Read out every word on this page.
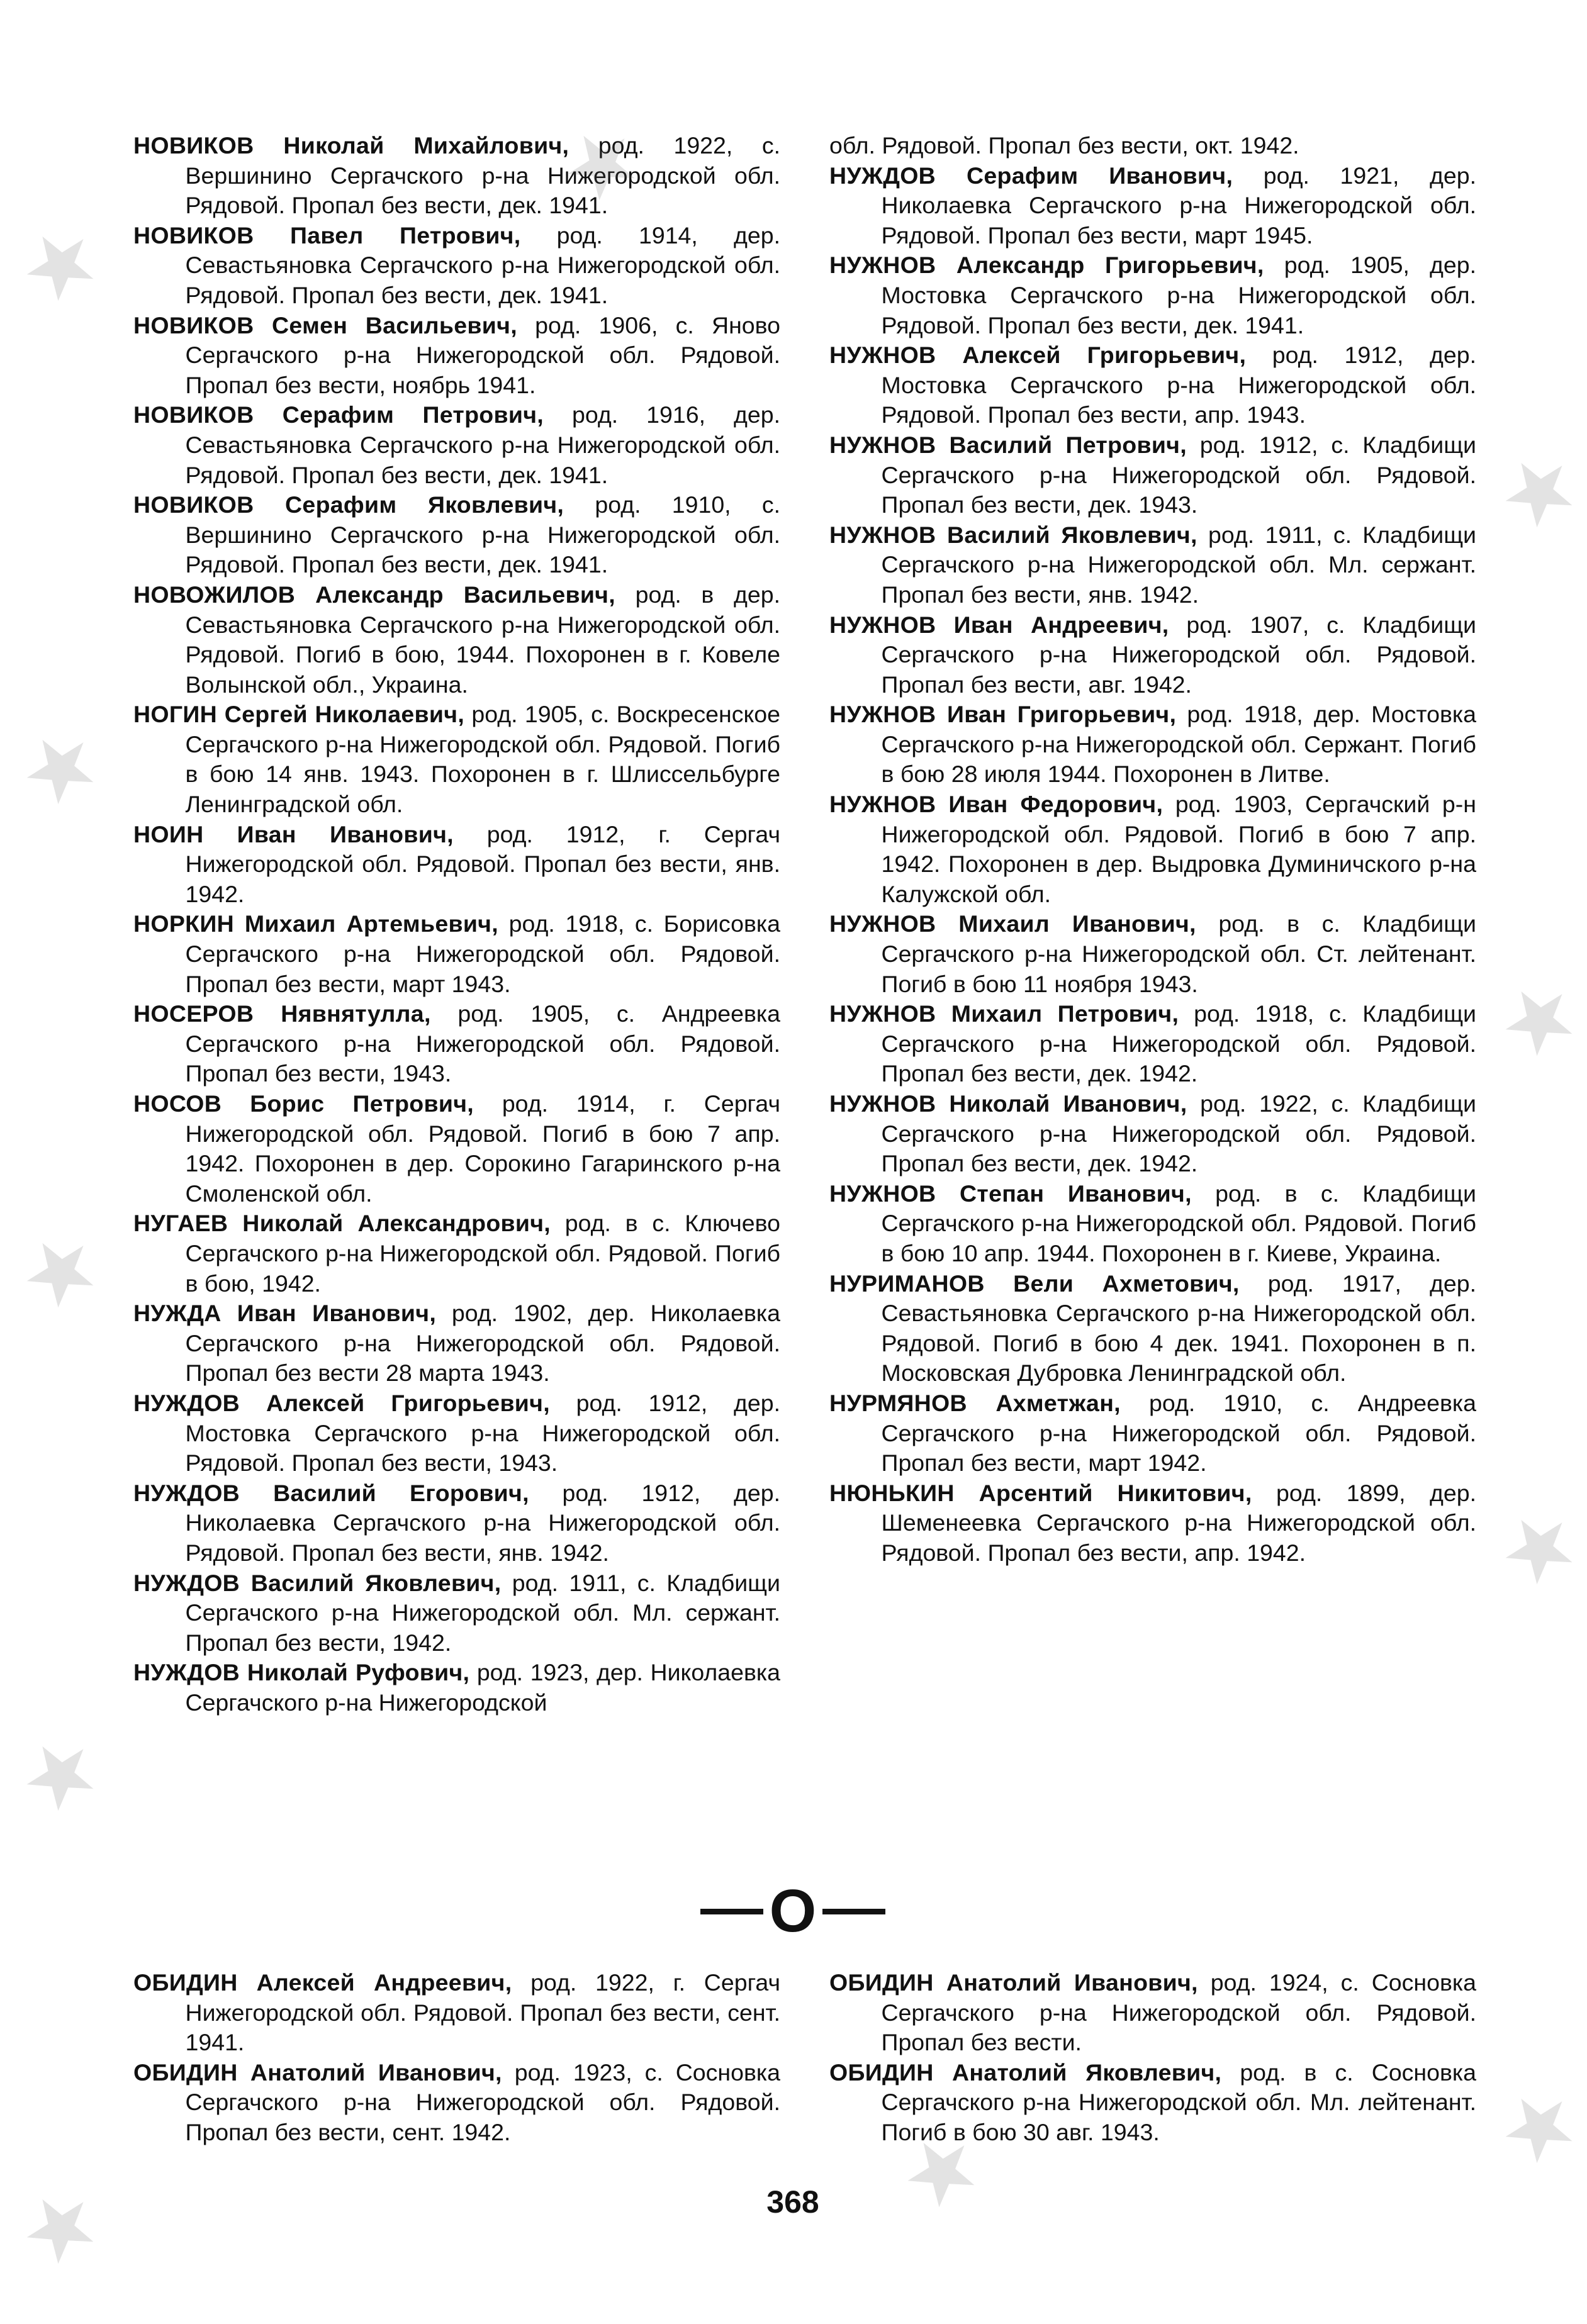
НОВИКОВ Николай Михайлович, род. 1922, с. Вершинино Сергачского р-на Нижегородской обл. Рядовой. Пропал без вести, дек. 1941.

НОВИКОВ Павел Петрович, род. 1914, дер. Севастьяновка Сергачского р-на Нижегородской обл. Рядовой. Пропал без вести, дек. 1941.

НОВИКОВ Семен Васильевич, род. 1906, с. Яново Сергачского р-на Нижегородской обл. Рядовой. Пропал без вести, ноябрь 1941.

НОВИКОВ Серафим Петрович, род. 1916, дер. Севастьяновка Сергачского р-на Нижегородской обл. Рядовой. Пропал без вести, дек. 1941.

НОВИКОВ Серафим Яковлевич, род. 1910, с. Вершинино Сергачского р-на Нижегородской обл. Рядовой. Пропал без вести, дек. 1941.

НОВОЖИЛОВ Александр Васильевич, род. в дер. Севастьяновка Сергачского р-на Нижегородской обл. Рядовой. Погиб в бою, 1944. Похоронен в г. Ковеле Волынской обл., Украина.

НОГИН Сергей Николаевич, род. 1905, с. Воскресенское Сергачского р-на Нижегородской обл. Рядовой. Погиб в бою 14 янв. 1943. Похоронен в г. Шлиссельбурге Ленинградской обл.

НОИН Иван Иванович, род. 1912, г. Сергач Нижегородской обл. Рядовой. Пропал без вести, янв. 1942.

НОРКИН Михаил Артемьевич, род. 1918, с. Борисовка Сергачского р-на Нижегородской обл. Рядовой. Пропал без вести, март 1943.

НОСЕРОВ Нявнятулла, род. 1905, с. Андреевка Сергачского р-на Нижегородской обл. Рядовой. Пропал без вести, 1943.

НОСОВ Борис Петрович, род. 1914, г. Сергач Нижегородской обл. Рядовой. Погиб в бою 7 апр. 1942. Похоронен в дер. Сорокино Гагаринского р-на Смоленской обл.

НУГАЕВ Николай Александрович, род. в с. Ключево Сергачского р-на Нижегородской обл. Рядовой. Погиб в бою, 1942.

НУЖДА Иван Иванович, род. 1902, дер. Николаевка Сергачского р-на Нижегородской обл. Рядовой. Пропал без вести 28 марта 1943.

НУЖДОВ Алексей Григорьевич, род. 1912, дер. Мостовка Сергачского р-на Нижегородской обл. Рядовой. Пропал без вести, 1943.

НУЖДОВ Василий Егорович, род. 1912, дер. Николаевка Сергачского р-на Нижегородской обл. Рядовой. Пропал без вести, янв. 1942.

НУЖДОВ Василий Яковлевич, род. 1911, с. Кладбищи Сергачского р-на Нижегородской обл. Мл. сержант. Пропал без вести, 1942.

НУЖДОВ Николай Руфович, род. 1923, дер. Николаевка Сергачского р-на Нижегородской

обл. Рядовой. Пропал без вести, окт. 1942.

НУЖДОВ Серафим Иванович, род. 1921, дер. Николаевка Сергачского р-на Нижегородской обл. Рядовой. Пропал без вести, март 1945.

НУЖНОВ Александр Григорьевич, род. 1905, дер. Мостовка Сергачского р-на Нижегородской обл. Рядовой. Пропал без вести, дек. 1941.

НУЖНОВ Алексей Григорьевич, род. 1912, дер. Мостовка Сергачского р-на Нижегородской обл. Рядовой. Пропал без вести, апр. 1943.

НУЖНОВ Василий Петрович, род. 1912, с. Кладбищи Сергачского р-на Нижегородской обл. Рядовой. Пропал без вести, дек. 1943.

НУЖНОВ Василий Яковлевич, род. 1911, с. Кладбищи Сергачского р-на Нижегородской обл. Мл. сержант. Пропал без вести, янв. 1942.

НУЖНОВ Иван Андреевич, род. 1907, с. Кладбищи Сергачского р-на Нижегородской обл. Рядовой. Пропал без вести, авг. 1942.

НУЖНОВ Иван Григорьевич, род. 1918, дер. Мостовка Сергачского р-на Нижегородской обл. Сержант. Погиб в бою 28 июля 1944. Похоронен в Литве.

НУЖНОВ Иван Федорович, род. 1903, Сергачский р-н Нижегородской обл. Рядовой. Погиб в бою 7 апр. 1942. Похоронен в дер. Выдровка Думиничского р-на Калужской обл.

НУЖНОВ Михаил Иванович, род. в с. Кладбищи Сергачского р-на Нижегородской обл. Ст. лейтенант. Погиб в бою 11 ноября 1943.

НУЖНОВ Михаил Петрович, род. 1918, с. Кладбищи Сергачского р-на Нижегородской обл. Рядовой. Пропал без вести, дек. 1942.

НУЖНОВ Николай Иванович, род. 1922, с. Кладбищи Сергачского р-на Нижегородской обл. Рядовой. Пропал без вести, дек. 1942.

НУЖНОВ Степан Иванович, род. в с. Кладбищи Сергачского р-на Нижегородской обл. Рядовой. Погиб в бою 10 апр. 1944. Похоронен в г. Киеве, Украина.

НУРИМАНОВ Вели Ахметович, род. 1917, дер. Севастьяновка Сергачского р-на Нижегородской обл. Рядовой. Погиб в бою 4 дек. 1941. Похоронен в п. Московская Дубровка Ленинградской обл.

НУРМЯНОВ Ахметжан, род. 1910, с. Андреевка Сергачского р-на Нижегородской обл. Рядовой. Пропал без вести, март 1942.

НЮНЬКИН Арсентий Никитович, род. 1899, дер. Шеменеевка Сергачского р-на Нижегородской обл. Рядовой. Пропал без вести, апр. 1942.

О

ОБИДИН Алексей Андреевич, род. 1922, г. Сергач Нижегородской обл. Рядовой. Пропал без вести, сент. 1941.

ОБИДИН Анатолий Иванович, род. 1923, с. Сосновка Сергачского р-на Нижегородской обл. Рядовой. Пропал без вести, сент. 1942.

ОБИДИН Анатолий Иванович, род. 1924, с. Сосновка Сергачского р-на Нижегородской обл. Рядовой. Пропал без вести.

ОБИДИН Анатолий Яковлевич, род. в с. Сосновка Сергачского р-на Нижегородской обл. Мл. лейтенант. Погиб в бою 30 авг. 1943.

368
